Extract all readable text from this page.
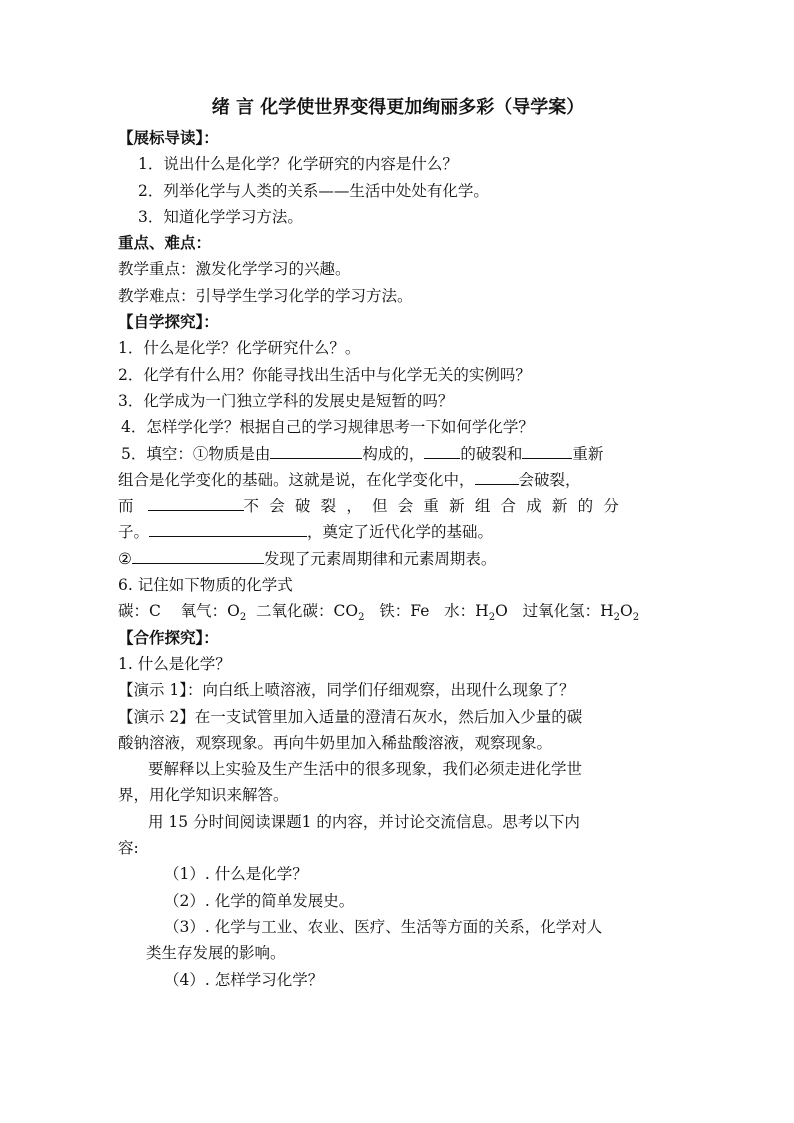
绪 言 化学使世界变得更加绚丽多彩（导学案）
【展标导读】：
1．说出什么是化学？化学研究的内容是什么？
2．列举化学与人类的关系——生活中处处有化学。
3．知道化学学习方法。
重点、难点：
教学重点：激发化学学习的兴趣。
教学难点：引导学生学习化学的学习方法。
【自学探究】：
1．什么是化学？化学研究什么？。
2．化学有什么用？你能寻找出生活中与化学无关的实例吗？
3．化学成为一门独立学科的发展史是短暂的吗？
4．怎样学化学？根据自己的学习规律思考一下如何学化学？
5．填空：①物质是由	构成的， 的破裂和	重新
组合是化学变化的基础。这就是说，在化学变化中，	会破裂，
而	不会破裂，但会重新组合成新的分
子。	，奠定了近代化学的基础。
②	发现了元素周期律和元素周期表。
6. 记住如下物质的化学式
碳：C 氧气：$O_2$ 二氧化碳：$CO_2$ 铁：Fe 水：$H_2O$ 过氧化氢：$H_2O_2$
【合作探究】：
1. 什么是化学？
【演示 1】：向白纸上喷溶液，同学们仔细观察，出现什么现象了？
【演示 2】在一支试管里加入适量的澄清石灰水，然后加入少量的碳
酸钠溶液，观察现象。再向牛奶里加入稀盐酸溶液，观察现象。
要解释以上实验及生产生活中的很多现象，我们必须走进化学世
界，用化学知识来解答。
用 15 分时间阅读课题1 的内容，并讨论交流信息。思考以下内
容:
（1）. 什么是化学？
（2）. 化学的简单发展史。
（3）. 化学与工业、农业、医疗、生活等方面的关系，化学对人
类生存发展的影响。
（4）. 怎样学习化学？
